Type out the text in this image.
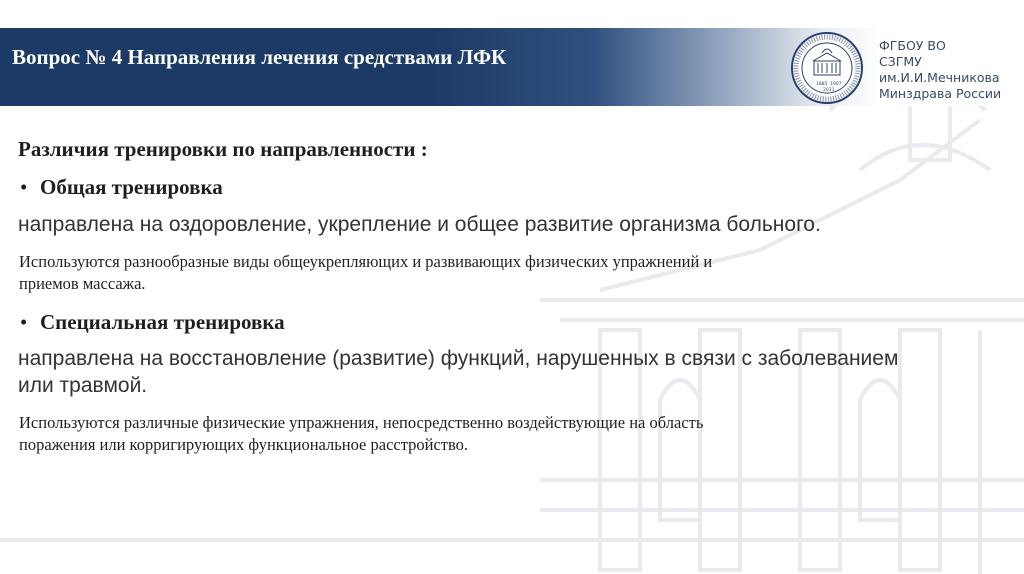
Вопрос № 4 Направления лечения средствами ЛФК
1885 1907
2011
ФГБОУ ВО
СЗГМУ
им.И.И.Мечникова
Минздрава России
Различия тренировки по направленности :
• Общая тренировка
направлена на оздоровление, укрепление и общее развитие организма больного.
Используются разнообразные виды общеукрепляющих и развивающих физических упражнений и
приемов массажа.
• Специальная тренировка
направлена на восстановление (развитие) функций, нарушенных в связи с заболеванием
или травмой.
Используются различные физические упражнения, непосредственно воздействующие на область
поражения или корригирующих функциональное расстройство.
